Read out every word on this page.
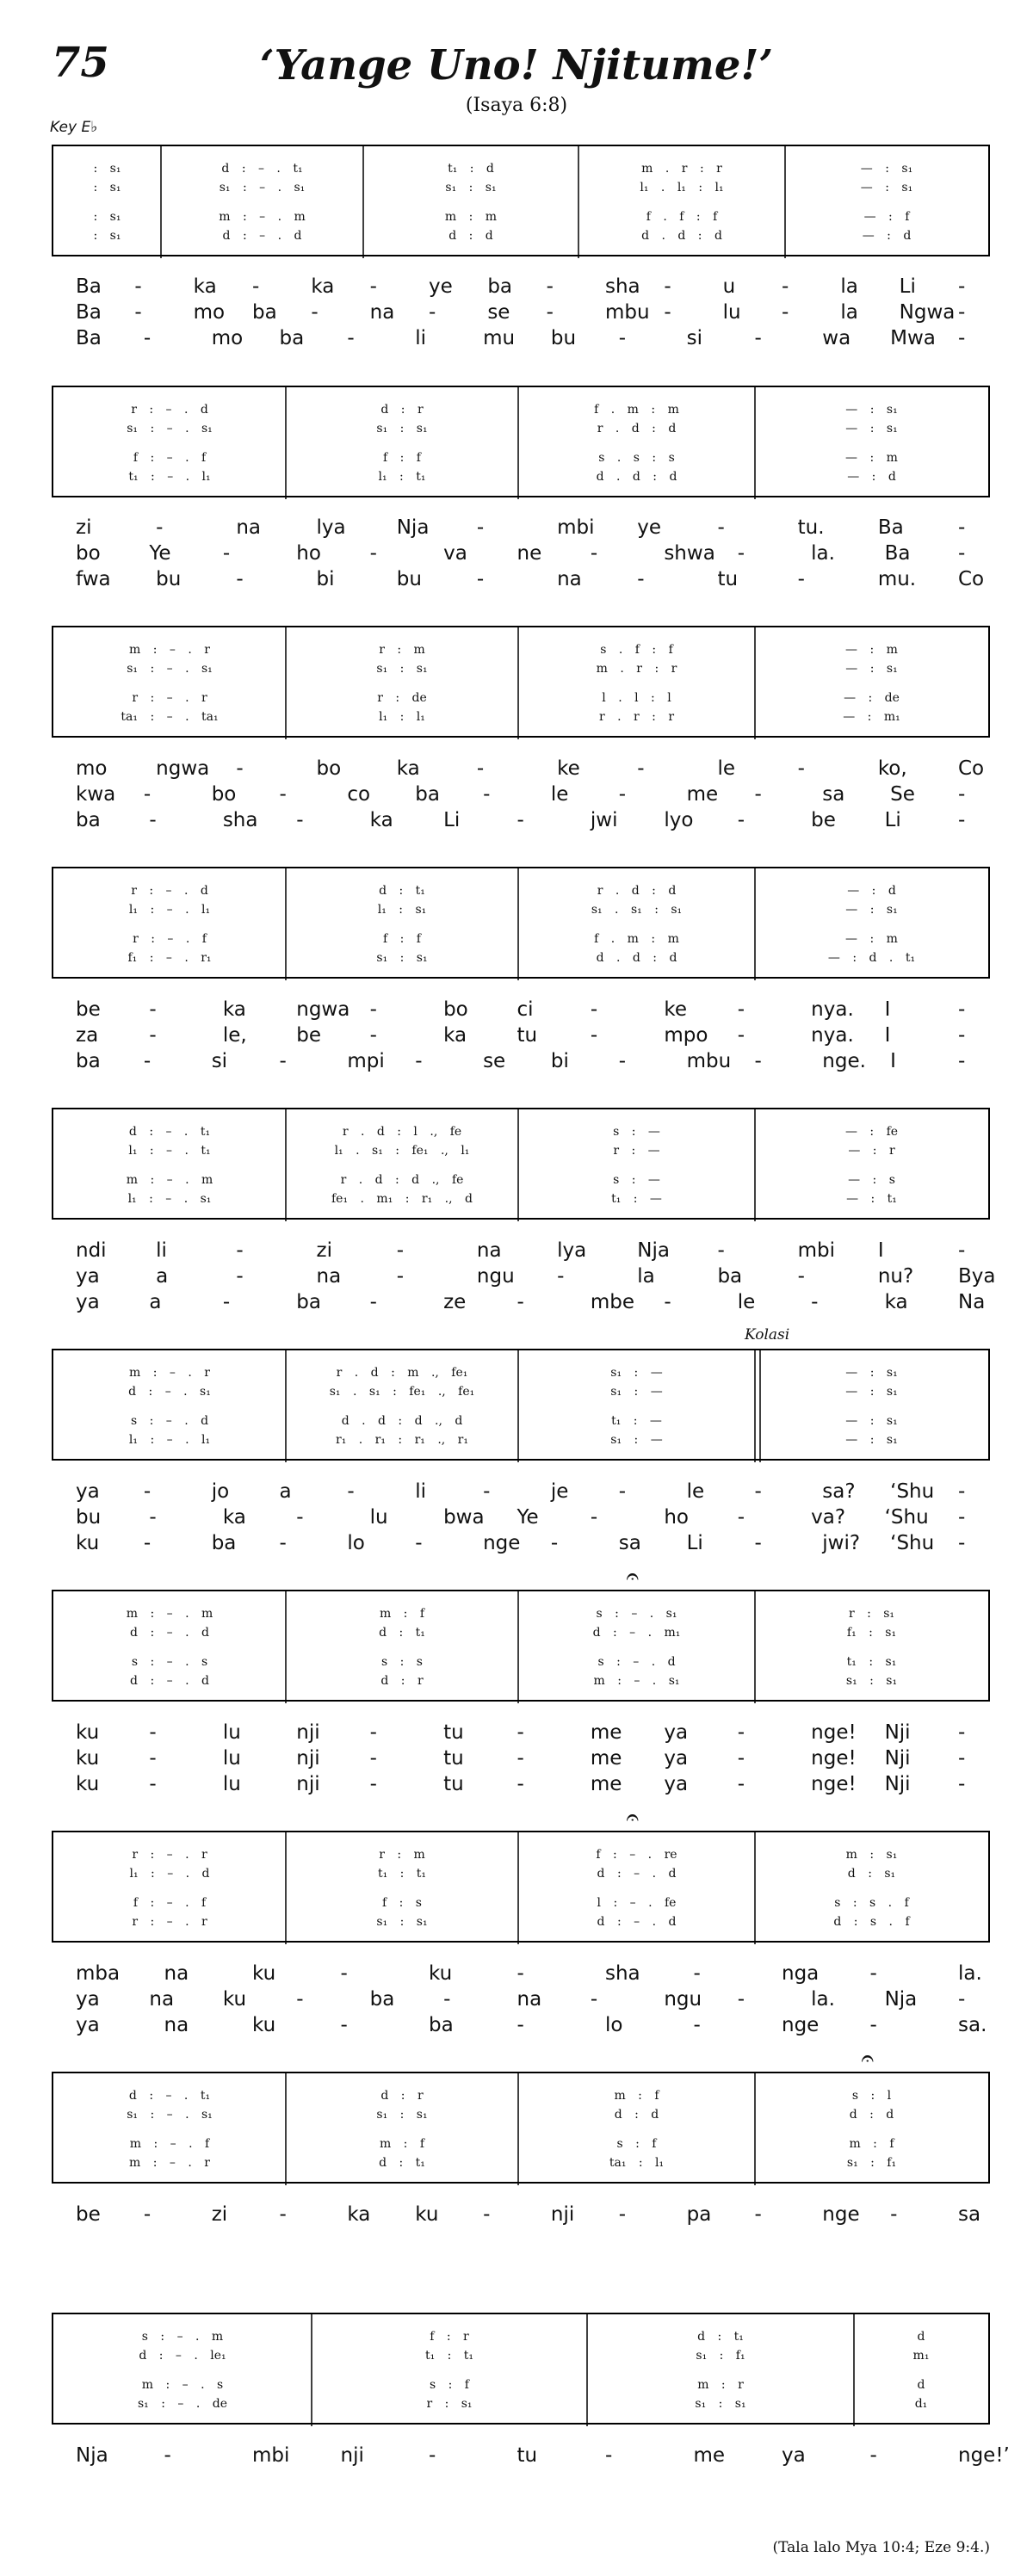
75	‘Yange Uno! Njitume!’
(Isaya 6:8)
Key E♭
: s₁	d : – . t₁	t₁ : d	m . r : r	— : s₁
: s₁	s₁ : – . s₁	s₁ : s₁	l₁ . l₁ : l₁	— : s₁
: s₁	m : – . m	m : m	f . f : f	— : f
: s₁	d : – . d	d : d	d . d : d	— : d
Ba -	ka -	ka -	ye ba -	sha -	u -	la Li -
Ba -	mo ba -	na -	se -	mbu -	lu -	la Ngwa -
Ba -	mo ba -	li	mu bu -	si	-	wa Mwa -
r : – . d	d : r	f . m : m	— : s₁
s₁ : – . s₁	s₁ : s₁	r . d : d	— : s₁
f : – . f	f : f	s . s : s	— : m
t₁ : – . l₁	l₁ : t₁	d . d : d	— : d
zi	-	na	lya	Nja -	mbi ye	-	tu.	Ba	-
bo Ye	-	ho -	va	ne -	shwa -	la.	Ba -
fwa bu	-	bi	bu	-	na	-	tu	-	mu. Co
m : – . r	r : m	s . f : f	— : m
s₁ : – . s₁	s₁ : s₁	m . r : r	— : s₁
r : – . r	r : de	l . l : l	— : de
ta₁ : – . ta₁	l₁ : l₁	r . r : r	— : m₁
mo ngwa -	bo	ka	-	ke	-	le	-	ko,	Co
kwa -	bo -	co ba -	le	-	me -	sa Se -
ba -	sha -	ka	Li	-	jwi lyo -	be Li	-
r : – . d	d : t₁	r . d : d	— : d
l₁ : – . l₁	l₁ : s₁	s₁ . s₁ : s₁	— : s₁
r : – . f	f : f	f . m : m	— : m
f₁ : – . r₁	s₁ : s₁	d . d : d	— : d . t₁
be -	ka	ngwa -	bo ci	-	ke	-	nya. I	-
za	-	le,	be -	ka	tu	-	mpo -	nya. I	-
ba -	si	-	mpi -	se bi	-	mbu -	nge. I	-
d : – . t₁	r . d : l ., fe	s : —	— : fe
l₁ : – . t₁	l₁ . s₁ : fe₁ ., l₁	r : —	— : r
m : – . m	r . d : d ., fe	s : —	— : s
l₁ : – . s₁	fe₁ . m₁ : r₁ ., d	t₁ : —	— : t₁
ndi	li	-	zi	-	na	lya	Nja -	mbi I	-
ya	a	-	na	-	ngu -	la	ba	-	nu? Bya
ya	a	-	ba -	ze	-	mbe -	le	-	ka	Na
m : – . r	r . d : m ., fe₁	s₁ : —	— : s₁
d : – . s₁	s₁ . s₁ : fe₁ ., fe₁	s₁ : —	— : s₁
s : – . d	d . d : d ., d	t₁ : —	— : s₁
l₁ : – . l₁	r₁ . r₁ : r₁ ., r₁	s₁ : —	— : s₁
Kolasi
ya -	jo	a	-	li	-	je	-	le	-	sa? ‘Shu -
bu -	ka	-	lu	bwa Ye	-	ho -	va? ‘Shu -
ku -	ba -	lo	-	nge -	sa Li	-	jwi? ‘Shu -
m : – . m	m : f	s : – . s₁	r : s₁
d : – . d	d : t₁	d : – . m₁	f₁ : s₁
s : – . s	s : s	s : – . d	t₁ : s₁
d : – . d	d : r	m : – . s₁	s₁ : s₁
𝄐
ku	-	lu	nji	-	tu	-	me ya	-	nge! Nji -
ku	-	lu	nji	-	tu	-	me ya	-	nge! Nji -
ku	-	lu	nji	-	tu	-	me ya	-	nge! Nji -
r : – . r	r : m	f : – . re	m : s₁
l₁ : – . d	t₁ : t₁	d : – . d	d : s₁
f : – . f	f : s	l : – . fe	s : s . f
r : – . r	s₁ : s₁	d : – . d	d : s . f
𝄐
mba na	ku	-	ku	-	sha	-	nga	-	la.
ya	na ku	-	ba -	na -	ngu -	la.	Nja -
ya	na	ku	-	ba	-	lo	-	nge	-	sa.
d : – . t₁	d : r	m : f	s : l
s₁ : – . s₁	s₁ : s₁	d : d	d : d
m : – . f	m : f	s : f	m : f
m : – . r	d : t₁	ta₁ : l₁	s₁ : f₁
𝄐
be -	zi	-	ka ku -	nji -	pa -	nge -	sa
s : – . m	f : r	d : t₁	d
d : – . le₁	t₁ : t₁	s₁ : f₁	m₁
m : – . s	s : f	m : r	d
s₁ : – . de	r : s₁	s₁ : s₁	d₁
Nja	-	mbi	nji	-	tu	-	me	ya	-	nge!’
(Tala lalo Mya 10:4; Eze 9:4.)
